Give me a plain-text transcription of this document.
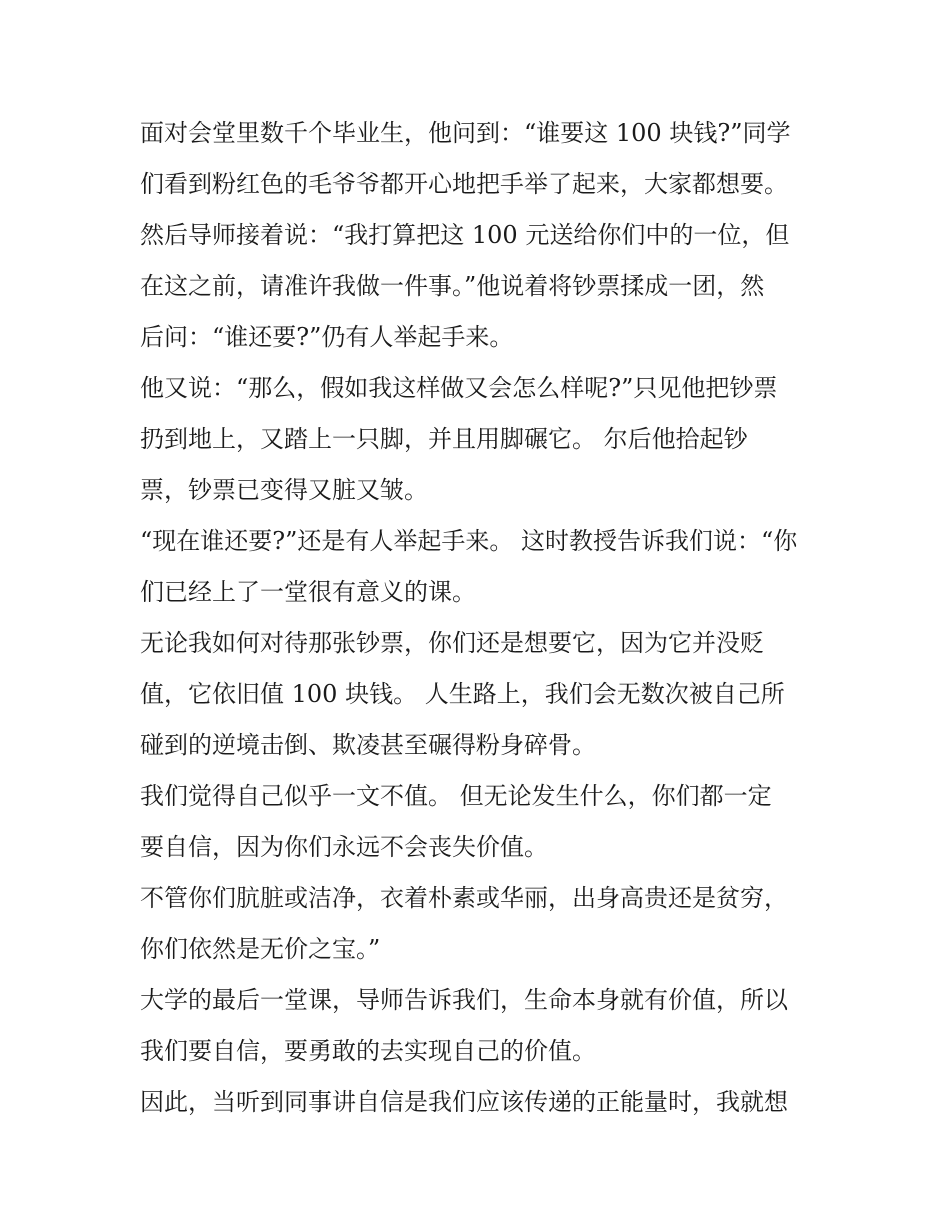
面对会堂里数千个毕业生，他问到：“谁要这 100 块钱?”同学
们看到粉红色的毛爷爷都开心地把手举了起来，大家都想要。
然后导师接着说：“我打算把这 100 元送给你们中的一位，但
在这之前，请准许我做一件事。”他说着将钞票揉成一团，然
后问：“谁还要?”仍有人举起手来。
他又说：“那么，假如我这样做又会怎么样呢?”只见他把钞票
扔到地上，又踏上一只脚，并且用脚碾它。 尔后他拾起钞
票，钞票已变得又脏又皱。
“现在谁还要?”还是有人举起手来。 这时教授告诉我们说：“你
们已经上了一堂很有意义的课。
无论我如何对待那张钞票，你们还是想要它，因为它并没贬
值，它依旧值 100 块钱。 人生路上，我们会无数次被自己所
碰到的逆境击倒、欺凌甚至碾得粉身碎骨。
我们觉得自己似乎一文不值。 但无论发生什么，你们都一定
要自信，因为你们永远不会丧失价值。
不管你们肮脏或洁净，衣着朴素或华丽，出身高贵还是贫穷，
你们依然是无价之宝。”
大学的最后一堂课，导师告诉我们，生命本身就有价值，所以
我们要自信，要勇敢的去实现自己的价值。
因此，当听到同事讲自信是我们应该传递的正能量时，我就想
